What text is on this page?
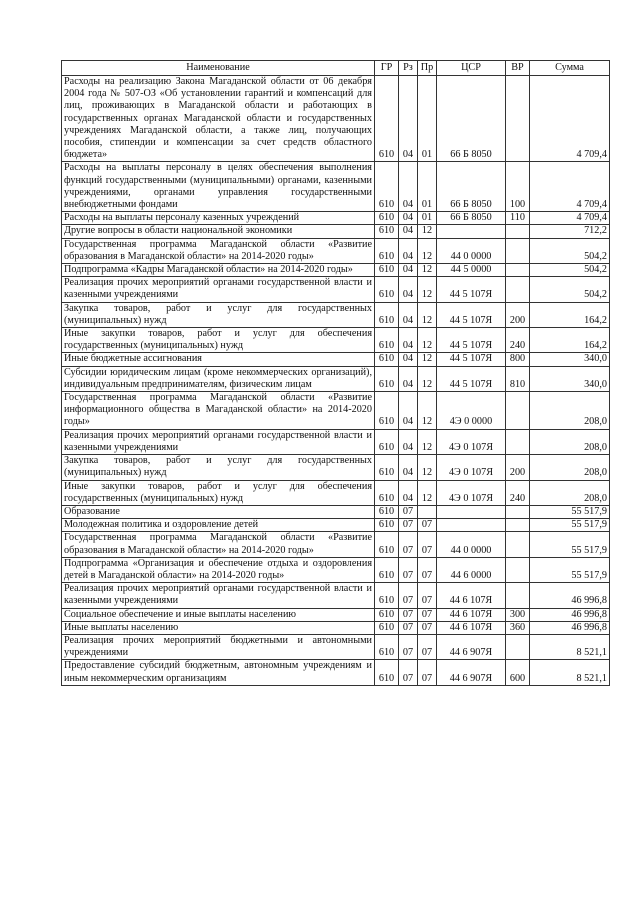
Наименование	ГР	Рз	Пр	ЦСР	ВР	Сумма
Расходы на реализацию Закона Магаданской области от 06 декабря 2004 года № 507-ОЗ «Об установлении гарантий и компенсаций для лиц, проживающих в Магаданской области и работающих в государственных органах Магаданской области и государственных учреждениях Магаданской области, а также лиц, получающих пособия, стипендии и компенсации за счет средств областного бюджета»	610	04	01	66 Б 8050		4 709,4
Расходы на выплаты персоналу в целях обеспечения выполнения функций государственными (муниципальными) органами, казенными учреждениями, органами управления государственными внебюджетными фондами	610	04	01	66 Б 8050	100	4 709,4
Расходы на выплаты персоналу казенных учреждений	610	04	01	66 Б 8050	110	4 709,4
Другие вопросы в области национальной экономики	610	04	12			712,2
Государственная программа Магаданской области «Развитие образования в Магаданской области» на 2014-2020 годы»	610	04	12	44 0 0000		504,2
Подпрограмма «Кадры Магаданской области» на 2014-2020 годы»	610	04	12	44 5 0000		504,2
Реализация прочих мероприятий органами государственной власти и казенными учреждениями	610	04	12	44 5 107Я		504,2
Закупка товаров, работ и услуг для государственных (муниципальных) нужд	610	04	12	44 5 107Я	200	164,2
Иные закупки товаров, работ и услуг для обеспечения государственных (муниципальных) нужд	610	04	12	44 5 107Я	240	164,2
Иные бюджетные ассигнования	610	04	12	44 5 107Я	800	340,0
Субсидии юридическим лицам (кроме некоммерческих организаций), индивидуальным предпринимателям, физическим лицам	610	04	12	44 5 107Я	810	340,0
Государственная программа Магаданской области «Развитие информационного общества в Магаданской области» на 2014-2020 годы»	610	04	12	4Э 0 0000		208,0
Реализация прочих мероприятий органами государственной власти и казенными учреждениями	610	04	12	4Э 0 107Я		208,0
Закупка товаров, работ и услуг для государственных (муниципальных) нужд	610	04	12	4Э 0 107Я	200	208,0
Иные закупки товаров, работ и услуг для обеспечения государственных (муниципальных) нужд	610	04	12	4Э 0 107Я	240	208,0
Образование	610	07				55 517,9
Молодежная политика и оздоровление детей	610	07	07			55 517,9
Государственная программа Магаданской области «Развитие образования в Магаданской области» на 2014-2020 годы»	610	07	07	44 0 0000		55 517,9
Подпрограмма «Организация и обеспечение отдыха и оздоровления детей в Магаданской области» на 2014-2020 годы»	610	07	07	44 6 0000		55 517,9
Реализация прочих мероприятий органами государственной власти и казенными учреждениями	610	07	07	44 6 107Я		46 996,8
Социальное обеспечение и иные выплаты населению	610	07	07	44 6 107Я	300	46 996,8
Иные выплаты населению	610	07	07	44 6 107Я	360	46 996,8
Реализация прочих мероприятий бюджетными и автономными учреждениями	610	07	07	44 6 907Я		8 521,1
Предоставление субсидий бюджетным, автономным учреждениям и иным некоммерческим организациям	610	07	07	44 6 907Я	600	8 521,1
